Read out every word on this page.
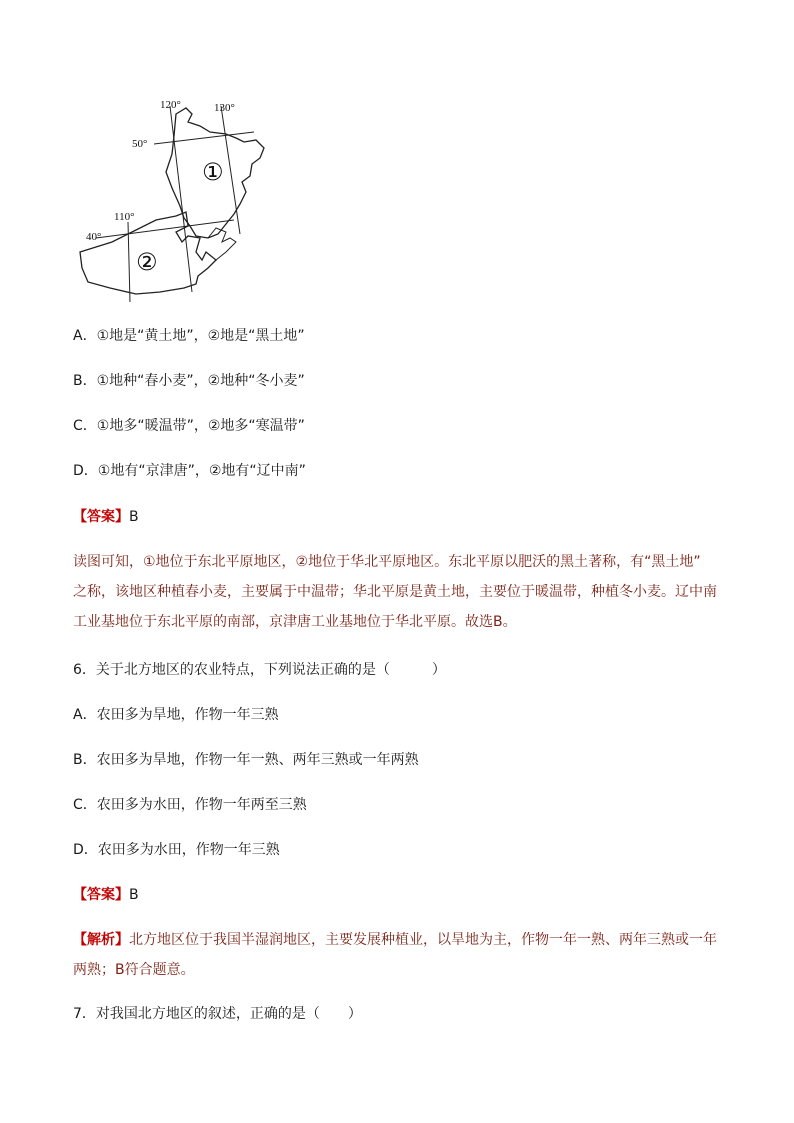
120°	130°
110°
50°
40°
①
②
A．①地是“黄土地”，②地是“黑土地”
B．①地种“春小麦”，②地种“冬小麦”
C．①地多“暖温带”，②地多“寒温带”
D．①地有“京津唐”，②地有“辽中南”
【答案】B
读图可知，①地位于东北平原地区，②地位于华北平原地区。东北平原以肥沃的黑土著称，有“黑土地”
之称，该地区种植春小麦，主要属于中温带；华北平原是黄土地，主要位于暖温带，种植冬小麦。辽中南
工业基地位于东北平原的南部，京津唐工业基地位于华北平原。故选B。
6．关于北方地区的农业特点，下列说法正确的是（　　　）
A．农田多为旱地，作物一年三熟
B．农田多为旱地，作物一年一熟、两年三熟或一年两熟
C．农田多为水田，作物一年两至三熟
D．农田多为水田，作物一年三熟
【答案】B
【解析】北方地区位于我国半湿润地区，主要发展种植业，以旱地为主，作物一年一熟、两年三熟或一年
两熟；B符合题意。
7．对我国北方地区的叙述，正确的是（　　）
